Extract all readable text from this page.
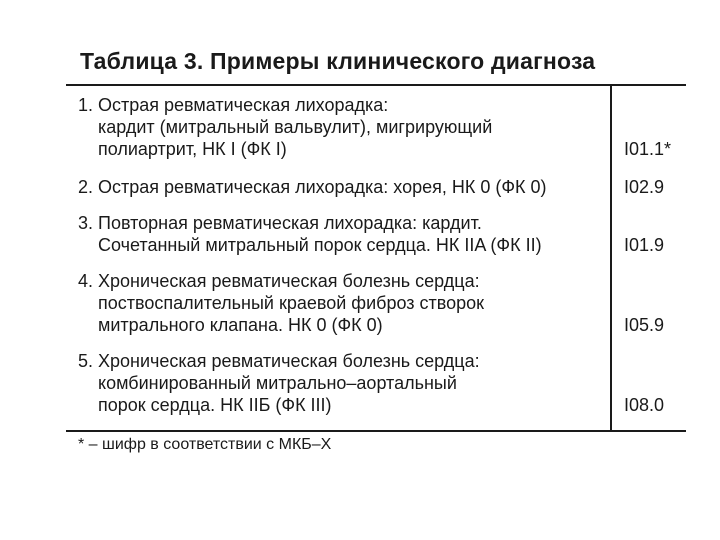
Таблица 3. Примеры клинического диагноза
1. Острая ревматическая лихорадка:
кардит (митральный вальвулит), мигрирующий
полиартрит, НК I (ФК I)	I01.1*
2. Острая ревматическая лихорадка: хорея, НК 0 (ФК 0)	I02.9
3. Повторная ревматическая лихорадка: кардит.
Сочетанный митральный порок сердца. НК IIA (ФК II)	I01.9
4. Хроническая ревматическая болезнь сердца:
поствоспалительный краевой фиброз створок
митрального клапана. НК 0 (ФК 0)	I05.9
5. Хроническая ревматическая болезнь сердца:
комбинированный митрально–аортальный
порок сердца. НК IIБ (ФК III)	I08.0
* – шифр в соответствии с МКБ–Х
